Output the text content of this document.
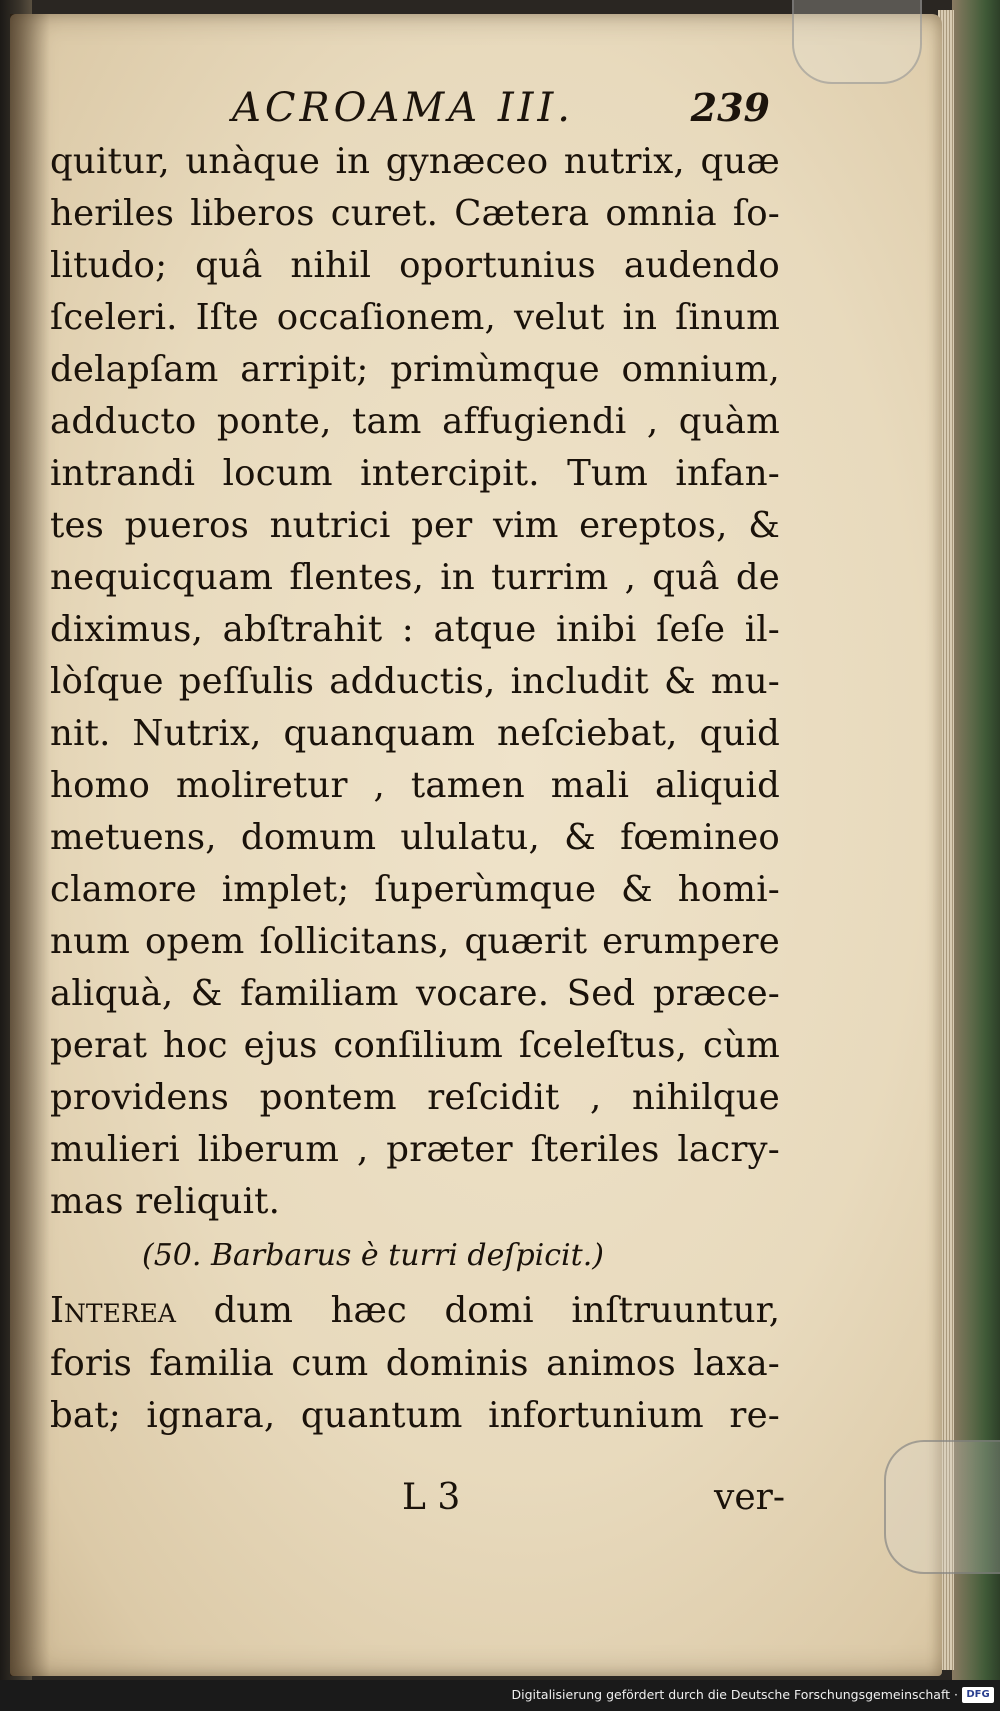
ACROAMA III.	239
quitur, unàque in gynæceo nutrix, quæ
heriles liberos curet. Cætera omnia ſo-
litudo; quâ nihil oportunius audendo
ſceleri. Iſte occaſionem, velut in ſinum
delapſam arripit; primùmque omnium,
adducto ponte, tam affugiendi , quàm
intrandi locum intercipit. Tum infan-
tes pueros nutrici per vim ereptos, &
nequicquam flentes, in turrim , quâ de
diximus, abſtrahit : atque inibi ſeſe il-
lòſque peſſulis adductis, includit & mu-
nit. Nutrix, quanquam neſciebat, quid
homo moliretur , tamen mali aliquid
metuens, domum ululatu, & fœmineo
clamore implet; ſuperùmque & homi-
num opem ſollicitans, quærit erumpere
aliquà, & familiam vocare. Sed præce-
perat hoc ejus conſilium ſceleſtus, cùm
providens pontem reſcidit , nihilque
mulieri liberum , præter ſteriles lacry-
mas reliquit.
(50. Barbarus è turri deſpicit.)
Interea dum hæc domi inſtruuntur,
foris familia cum dominis animos laxa-
bat; ignara, quantum infortunium re-
L 3	ver-
Digitalisierung gefördert durch die Deutsche Forschungsgemeinschaft · DFG
